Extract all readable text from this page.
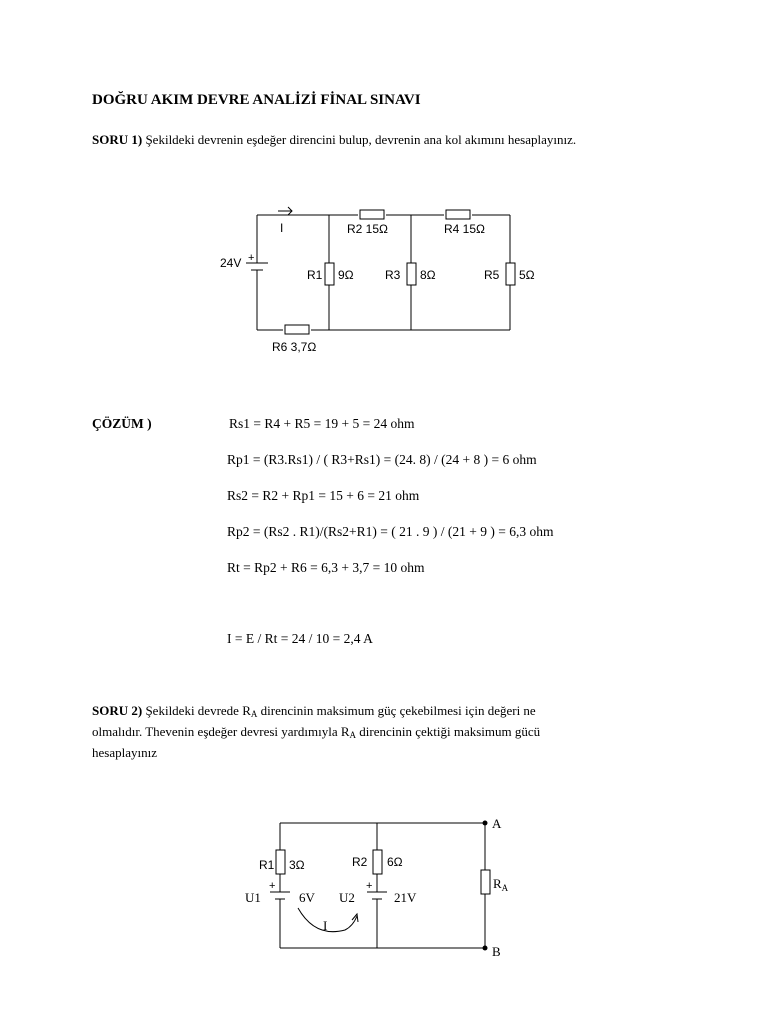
DOĞRU AKIM DEVRE ANALİZİ FİNAL SINAVI
SORU 1) Şekildeki devrenin eşdeğer direncini bulup, devrenin ana kol akımını hesaplayınız.
+
24V
I	R2 15Ω	R4 15Ω
R1 9Ω	R3 8Ω	R5 5Ω
R6 3,7Ω
ÇÖZÜM )	Rs1 = R4 + R5 = 19 + 5 = 24 ohm
Rp1 = (R3.Rs1) / ( R3+Rs1) = (24. 8) / (24 + 8 ) = 6 ohm
Rs2 = R2 + Rp1 = 15 + 6 = 21 ohm
Rp2 = (Rs2 . R1)/(Rs2+R1) = ( 21 . 9 ) / (21 + 9 ) = 6,3 ohm
Rt = Rp2 + R6 = 6,3 + 3,7 = 10 ohm
I = E / Rt = 24 / 10 = 2,4 A
SORU 2) Şekildeki devrede $R_A$ direncinin maksimum güç çekebilmesi için değeri ne
olmalıdır. Thevenin eşdeğer devresi yardımıyla $R_A$ direncinin çektiği maksimum gücü
hesaplayınız
R1 3Ω	R2 6Ω
+
U1	6V
+
U2	21V
I
$R_A$
A
B
